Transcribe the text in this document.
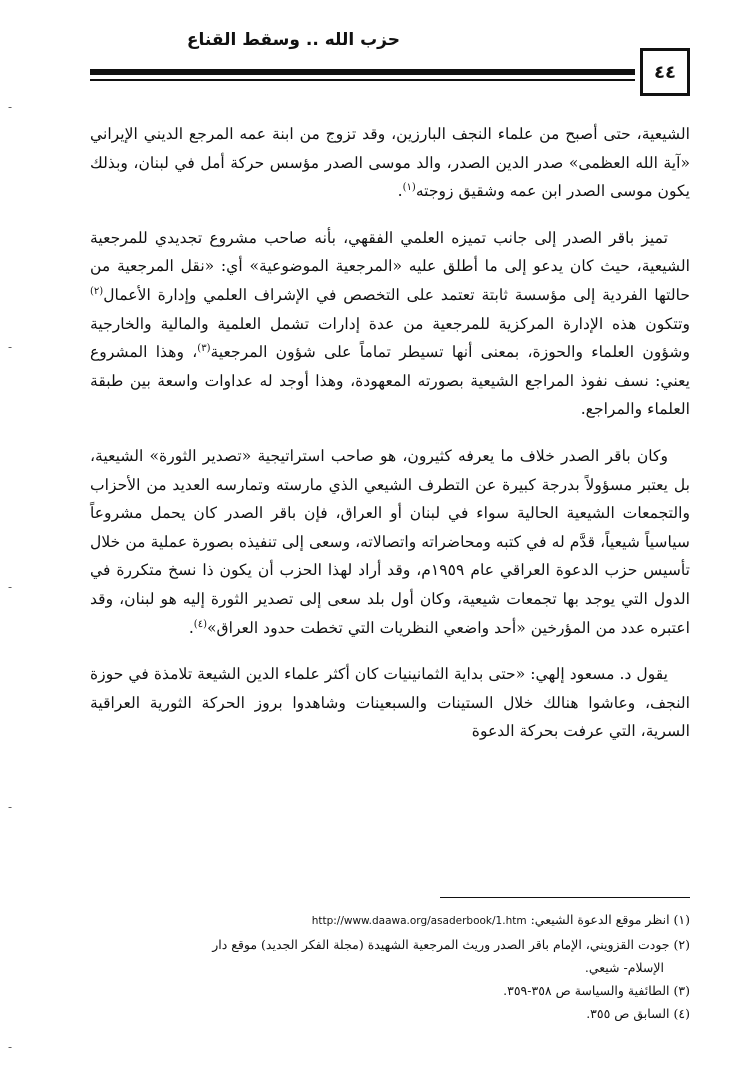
حزب الله .. وسقط القناع
٤٤

الشيعية، حتى أصبح من علماء النجف البارزين، وقد تزوج من ابنة عمه المرجع الديني الإيراني «آية الله العظمى» صدر الدين الصدر، والد موسى الصدر مؤسس حركة أمل في لبنان، وبذلك يكون موسى الصدر ابن عمه وشقيق زوجته$^{(١)}$.

تميز باقر الصدر إلى جانب تميزه العلمي الفقهي، بأنه صاحب مشروع تجديدي للمرجعية الشيعية، حيث كان يدعو إلى ما أطلق عليه «المرجعية الموضوعية» أي: «نقل المرجعية من حالتها الفردية إلى مؤسسة ثابتة تعتمد على التخصص في الإشراف العلمي وإدارة الأعمال$^{(٢)}$ وتتكون هذه الإدارة المركزية للمرجعية من عدة إدارات تشمل العلمية والمالية والخارجية وشؤون العلماء والحوزة، بمعنى أنها تسيطر تماماً على شؤون المرجعية$^{(٣)}$، وهذا المشروع يعني: نسف نفوذ المراجع الشيعية بصورته المعهودة، وهذا أوجد له عداوات واسعة بين طبقة العلماء والمراجع.

وكان باقر الصدر خلاف ما يعرفه كثيرون، هو صاحب استراتيجية «تصدير الثورة» الشيعية، بل يعتبر مسؤولاً بدرجة كبيرة عن التطرف الشيعي الذي مارسته وتمارسه العديد من الأحزاب والتجمعات الشيعية الحالية سواء في لبنان أو العراق، فإن باقر الصدر كان يحمل مشروعاً سياسياً شيعياً، قدَّم له في كتبه ومحاضراته واتصالاته، وسعى إلى تنفيذه بصورة عملية من خلال تأسيس حزب الدعوة العراقي عام ١٩٥٩م، وقد أراد لهذا الحزب أن يكون ذا نسخ متكررة في الدول التي يوجد بها تجمعات شيعية، وكان أول بلد سعى إلى تصدير الثورة إليه هو لبنان، وقد اعتبره عدد من المؤرخين «أحد واضعي النظريات التي تخطت حدود العراق»$^{(٤)}$.

يقول د. مسعود إلهي: «حتى بداية الثمانينيات كان أكثر علماء الدين الشيعة تلامذة في حوزة النجف، وعاشوا هنالك خلال الستينات والسبعينات وشاهدوا بروز الحركة الثورية العراقية السرية، التي عرفت بحركة الدعوة

(١) انظر موقع الدعوة الشيعي: http://www.daawa.org/asaderbook/1.htm

(٢) جودت القزويني، الإمام باقر الصدر وريث المرجعية الشهيدة (مجلة الفكر الجديد) موقع دار

الإسلام- شيعي.

(٣) الطائفية والسياسة ص ٣٥٨-٣٥٩.

(٤) السابق ص ٣٥٥.

-
-
-
-
-
